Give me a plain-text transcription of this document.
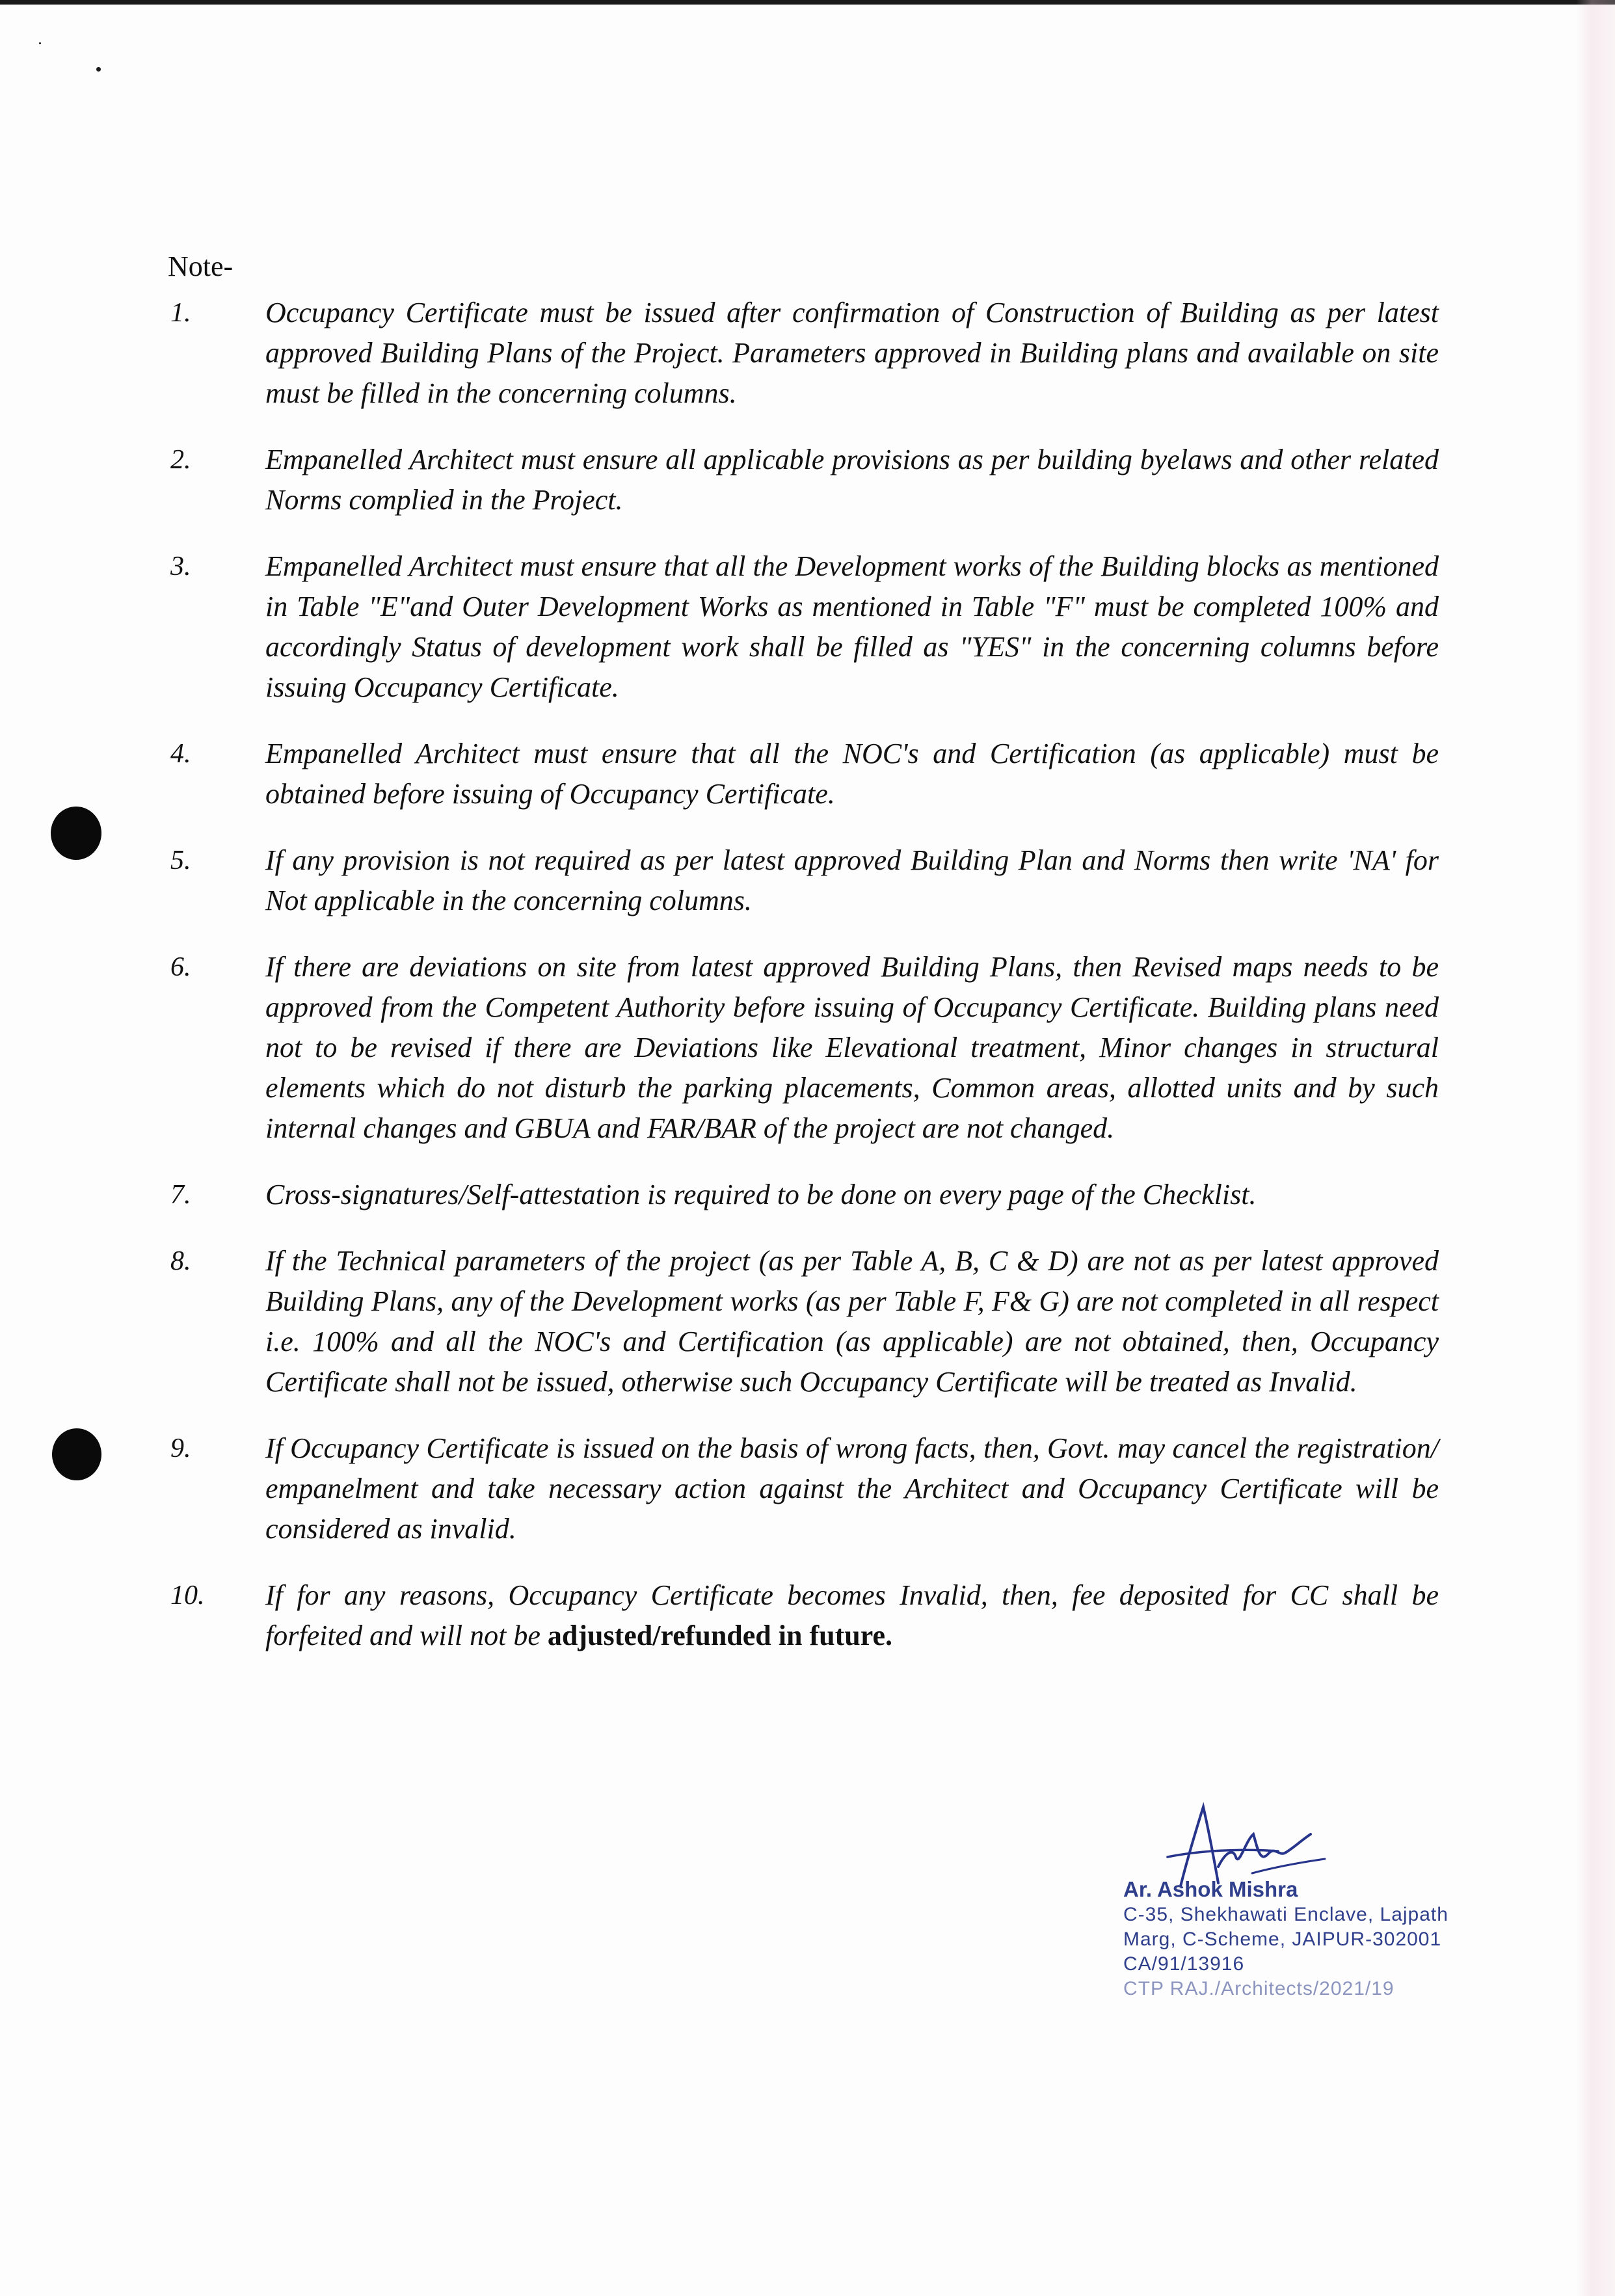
Note-
1.	Occupancy Certificate must be issued after confirmation of Construction of Building as per latest approved Building Plans of the Project. Parameters approved in Building plans and available on site must be filled in the concerning columns.
2.	Empanelled Architect must ensure all applicable provisions as per building byelaws and other related Norms complied in the Project.
3.	Empanelled Architect must ensure that all the Development works of the Building blocks as mentioned in Table "E"and Outer Development Works as mentioned in Table "F" must be completed 100% and accordingly Status of development work shall be filled as "YES" in the concerning columns before issuing Occupancy Certificate.
4.	Empanelled Architect must ensure that all the NOC's and Certification (as applicable) must be obtained before issuing of Occupancy Certificate.
5.	If any provision is not required as per latest approved Building Plan and Norms then write 'NA' for Not applicable in the concerning columns.
6.	If there are deviations on site from latest approved Building Plans, then Revised maps needs to be approved from the Competent Authority before issuing of Occupancy Certificate. Building plans need not to be revised if there are Deviations like Elevational treatment, Minor changes in structural elements which do not disturb the parking placements, Common areas, allotted units and by such internal changes and GBUA and FAR/BAR of the project are not changed.
7.	Cross-signatures/Self-attestation is required to be done on every page of the Checklist.
8.	If the Technical parameters of the project (as per Table A, B, C & D) are not as per latest approved Building Plans, any of the Development works (as per Table F, F& G) are not completed in all respect i.e. 100% and all the NOC's and Certification (as applicable) are not obtained, then, Occupancy Certificate shall not be issued, otherwise such Occupancy Certificate will be treated as Invalid.
9.	If Occupancy Certificate is issued on the basis of wrong facts, then, Govt. may cancel the registration/ empanelment and take necessary action against the Architect and Occupancy Certificate will be considered as invalid.
10.	If for any reasons, Occupancy Certificate becomes Invalid, then, fee deposited for CC shall be forfeited and will not be adjusted/refunded in future.
Ar. Ashok Mishra
C-35, Shekhawati Enclave, Lajpath
Marg, C-Scheme, JAIPUR-302001
CA/91/13916
CTP RAJ./Architects/2021/19
